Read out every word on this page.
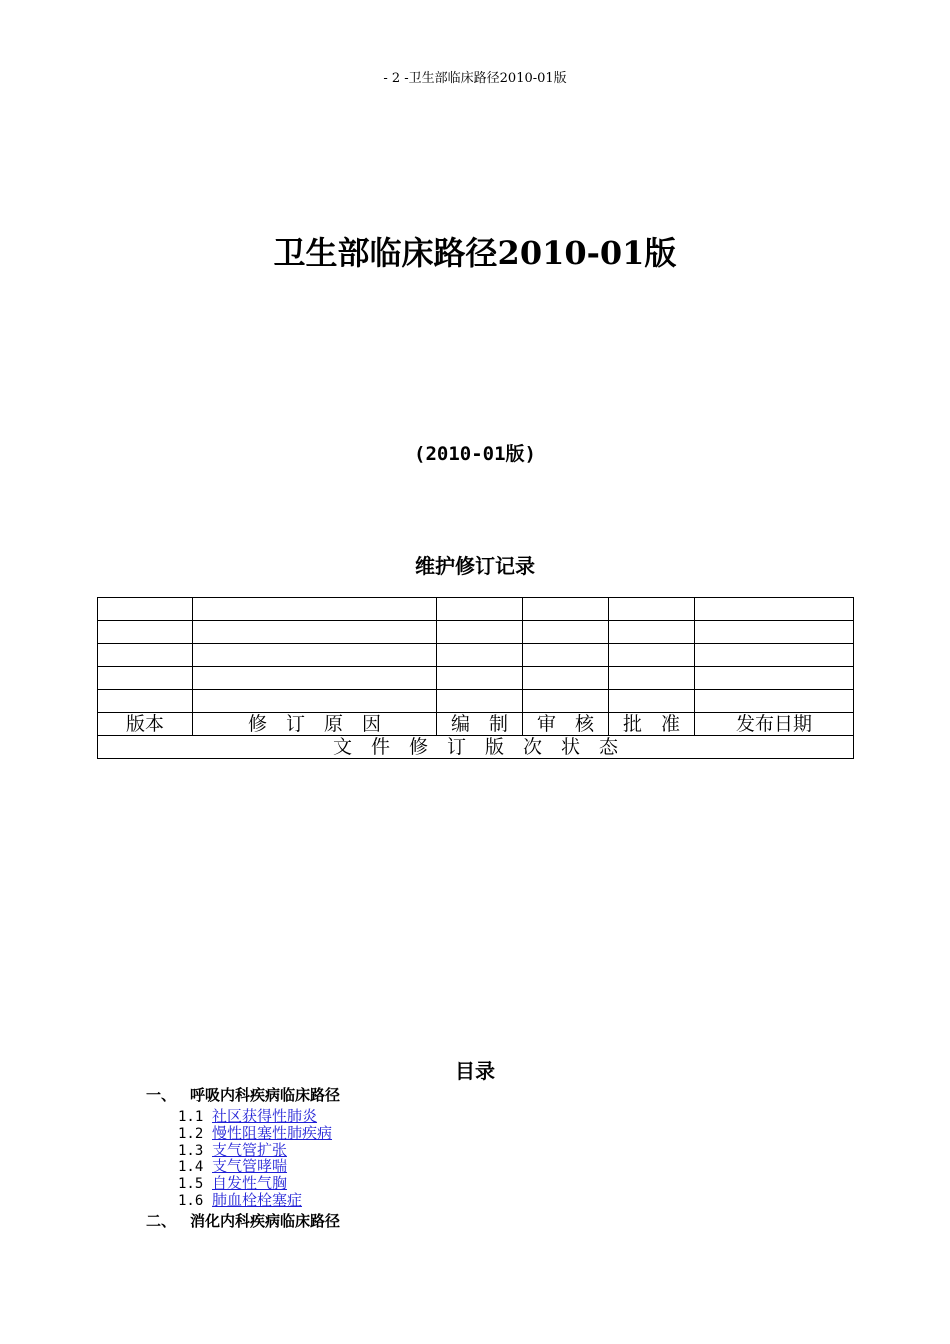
- 2 -卫生部临床路径2010-01版
卫生部临床路径2010-01版
(2010-01版)
维护修订记录

版本	修　订　原　因	编　制	审　核	批　准	发布日期
文　件　修　订　版　次　状　态					
目录
一、 呼吸内科疾病临床路径
1.1 社区获得性肺炎
1.2 慢性阻塞性肺疾病
1.3 支气管扩张
1.4 支气管哮喘
1.5 自发性气胸
1.6 肺血栓栓塞症
二、 消化内科疾病临床路径
